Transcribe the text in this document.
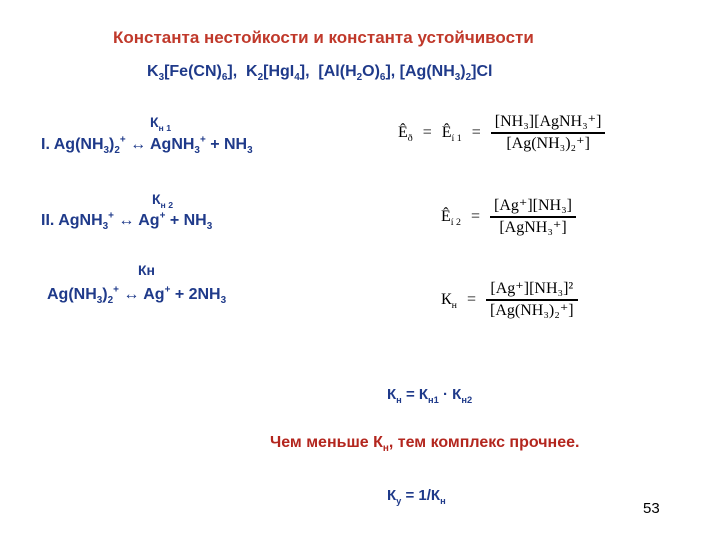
Константа нестойкости и константа устойчивости
$K_3[Fe(CN)_6]$, $K_2[HgI_4]$, $[Al(H_2O)_6]$, $[Ag(NH_3)_2]Cl$
$К_{н 1}$
I. $Ag(NH_3)_2^+$ ↔ AgNH$_3$+ + $NH_3$
$К_{н 2}$
II. AgNH$_3$+ ↔ $Ag^+ + NH_3$
Кн
$Ag(NH_3)_2^+$ ↔ $Ag^+ + 2NH_3$
$Ê_ð$ = $Ê_{í 1} = \frac{\text{[NH₃][AgNH₃⁺]}}{\text{[Ag(NH₃)₂⁺]}}$
$Ê_{í 2} = \frac{\text{[Ag⁺][NH₃]}}{\text{[AgNH₃⁺]}}$
$К_н = \frac{\text{[Ag⁺][NH₃]²}}{\text{[Ag(NH₃)₂⁺]}}$
$К_н = К_{н1} \cdot К_{н2}$
Чем меньше $К_н$, тем комплекс прочнее.
$К_у = 1/К_н$	53
